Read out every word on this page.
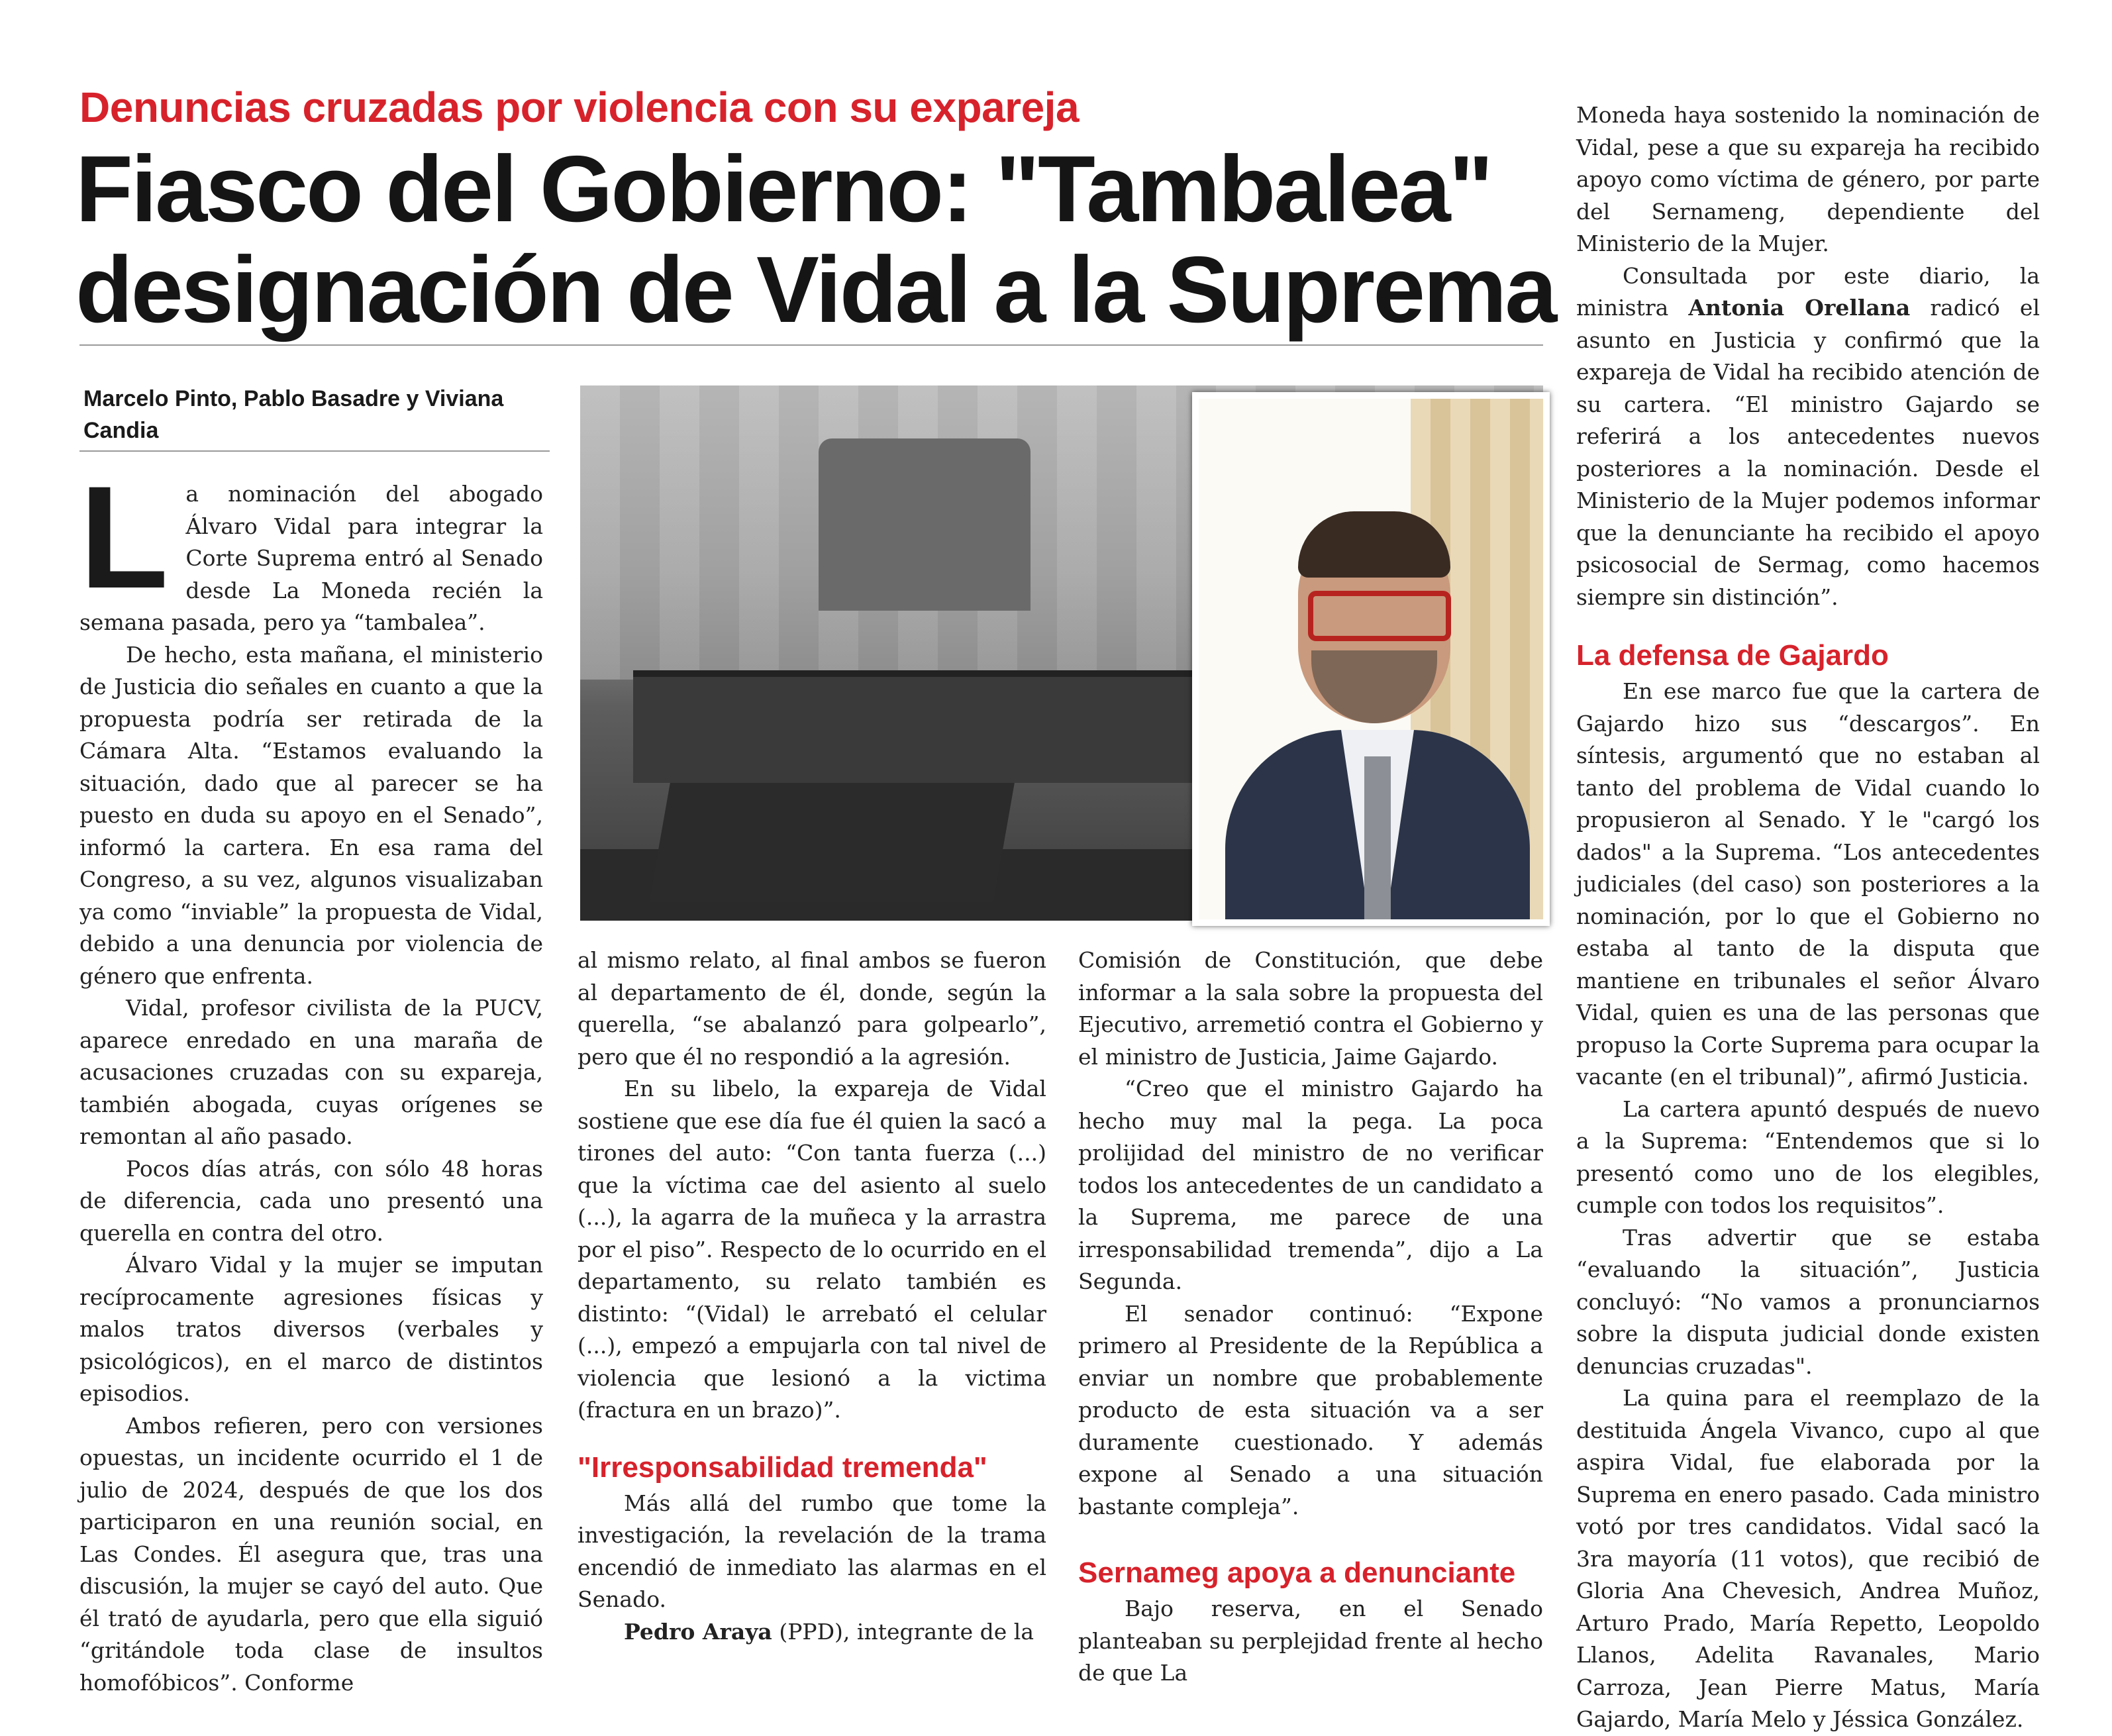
Denuncias cruzadas por violencia con su expareja
Fiasco del Gobierno: "Tambalea"
designación de Vidal a la Suprema
Marcelo Pinto, Pablo Basadre y Viviana Candia

La nominación del abogado Álvaro Vidal para integrar la Corte Suprema entró al Senado desde La Moneda recién la semana pasada, pero ya “tambalea”.

De hecho, esta mañana, el ministerio de Justicia dio señales en cuanto a que la propuesta podría ser retirada de la Cámara Alta. “Estamos evaluando la situación, dado que al parecer se ha puesto en duda su apoyo en el Senado”, informó la cartera. En esa rama del Congreso, a su vez, algunos visualizaban ya como “inviable” la propuesta de Vidal, debido a una denuncia por violencia de género que enfrenta.

Vidal, profesor civilista de la PUCV, aparece enredado en una maraña de acusaciones cruzadas con su expareja, también abogada, cuyas orígenes se remontan al año pasado.

Pocos días atrás, con sólo 48 horas de diferencia, cada uno presentó una querella en contra del otro.

Álvaro Vidal y la mujer se imputan recíprocamente agresiones físicas y malos tratos diversos (verbales y psicológicos), en el marco de distintos episodios.

Ambos refieren, pero con versiones opuestas, un incidente ocurrido el 1 de julio de 2024, después de que los dos participaron en una reunión social, en Las Condes. Él asegura que, tras una discusión, la mujer se cayó del auto. Que él trató de ayudarla, pero que ella siguió “gritándole toda clase de insultos homofóbicos”. Conforme

al mismo relato, al final ambos se fueron al departamento de él, donde, según la querella, “se abalanzó para golpearlo”, pero que él no respondió a la agresión.

En su libelo, la expareja de Vidal sostiene que ese día fue él quien la sacó a tirones del auto: “Con tanta fuerza (...) que la víctima cae del asiento al suelo (...), la agarra de la muñeca y la arrastra por el piso”. Respecto de lo ocurrido en el departamento, su relato también es distinto: “(Vidal) le arrebató el celular (...), empezó a empujarla con tal nivel de violencia que lesionó a la victima (fractura en un brazo)”.

"Irresponsabilidad tremenda"

Más allá del rumbo que tome la investigación, la revelación de la trama encendió de inmediato las alarmas en el Senado.

Pedro Araya (PPD), integrante de la

Comisión de Constitución, que debe informar a la sala sobre la propuesta del Ejecutivo, arremetió contra el Gobierno y el ministro de Justicia, Jaime Gajardo.

“Creo que el ministro Gajardo ha hecho muy mal la pega. La poca prolijidad del ministro de no verificar todos los antecedentes de un candidato a la Suprema, me parece de una irresponsabilidad tremenda”, dijo a La Segunda.

El senador continuó: “Expone primero al Presidente de la República a enviar un nombre que probablemente producto de esta situación va a ser duramente cuestionado. Y además expone al Senado a una situación bastante compleja”.

Sernameg apoya a denunciante

Bajo reserva, en el Senado planteaban su perplejidad frente al hecho de que La

Moneda haya sostenido la nominación de Vidal, pese a que su expareja ha recibido apoyo como víctima de género, por parte del Sernameng, dependiente del Ministerio de la Mujer.

Consultada por este diario, la ministra Antonia Orellana radicó el asunto en Justicia y confirmó que la expareja de Vidal ha recibido atención de su cartera. “El ministro Gajardo se referirá a los antecedentes nuevos posteriores a la nominación. Desde el Ministerio de la Mujer podemos informar que la denunciante ha recibido el apoyo psicosocial de Sermag, como hacemos siempre sin distinción”.

La defensa de Gajardo

En ese marco fue que la cartera de Gajardo hizo sus “descargos”. En síntesis, argumentó que no estaban al tanto del problema de Vidal cuando lo propusieron al Senado. Y le "cargó los dados" a la Suprema. “Los antecedentes judiciales (del caso) son posteriores a la nominación, por lo que el Gobierno no estaba al tanto de la disputa que mantiene en tribunales el señor Álvaro Vidal, quien es una de las personas que propuso la Corte Suprema para ocupar la vacante (en el tribunal)”, afirmó Justicia.

La cartera apuntó después de nuevo a la Suprema: “Entendemos que si lo presentó como uno de los elegibles, cumple con todos los requisitos”.

Tras advertir que se estaba “evaluando la situación”, Justicia concluyó: “No vamos a pronunciarnos sobre la disputa judicial donde existen denuncias cruzadas".

La quina para el reemplazo de la destituida Ángela Vivanco, cupo al que aspira Vidal, fue elaborada por la Suprema en enero pasado. Cada ministro votó por tres candidatos. Vidal sacó la 3ra mayoría (11 votos), que recibió de Gloria Ana Chevesich, Andrea Muñoz, Arturo Prado, María Repetto, Leopoldo Llanos, Adelita Ravanales, Mario Carroza, Jean Pierre Matus, María Gajardo, María Melo y Jéssica González.
